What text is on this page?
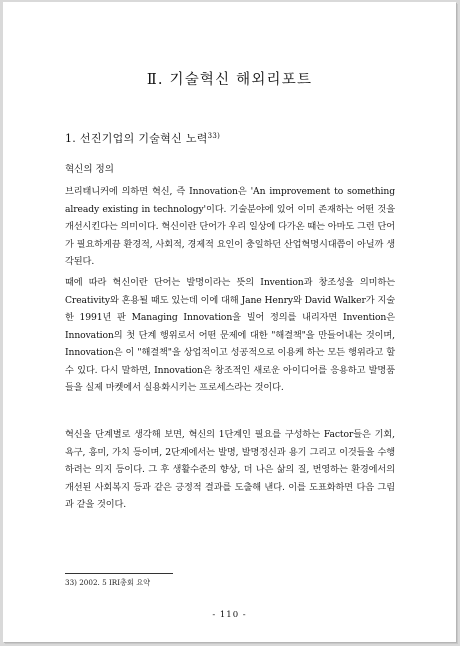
Ⅱ. 기술혁신 해외리포트
1. 선진기업의 기술혁신 노력$^{33)}$
혁신의 정의
브리태니커에 의하면 혁신, 즉 Innovation은 'An improvement to something already existing in technology'이다. 기술분야에 있어 이미 존재하는 어떤 것을 개선시킨다는 의미이다. 혁신이란 단어가 우리 일상에 다가온 때는 아마도 그런 단어가 필요하게끔 환경적, 사회적, 경제적 요인이 충일하던 산업혁명시대쯤이 아닐까 생각된다.
때에 따라 혁신이란 단어는 발명이라는 뜻의 Invention과 창조성을 의미하는 Creativity와 혼용될 때도 있는데 이에 대해 Jane Henry와 David Walker가 지술한 1991년 판 Managing Innovation을 빌어 정의를 내리자면 Invention은 Innovation의 첫 단계 행위로서 어떤 문제에 대한 "해결책"을 만들어내는 것이며, Innovation은 이 "해결책"을 상업적이고 성공적으로 이용케 하는 모든 행위라고 할 수 있다. 다시 말하면, Innovation은 창조적인 새로운 아이디어를 응용하고 발명품들을 실제 마켓에서 실용화시키는 프로세스라는 것이다.
혁신을 단계별로 생각해 보면, 혁신의 1단계인 필요를 구성하는 Factor들은 기회, 욕구, 흥미, 가치 등이며, 2단계에서는 발명, 발명정신과 용기 그리고 이것들을 수행하려는 의지 등이다. 그 후 생활수준의 향상, 더 나은 삶의 질, 번영하는 환경에서의 개선된 사회복지 등과 같은 긍정적 결과를 도출해 낸다. 이를 도표화하면 다음 그림과 같을 것이다.
33) 2002. 5 IRI총회 요약
- 110 -
